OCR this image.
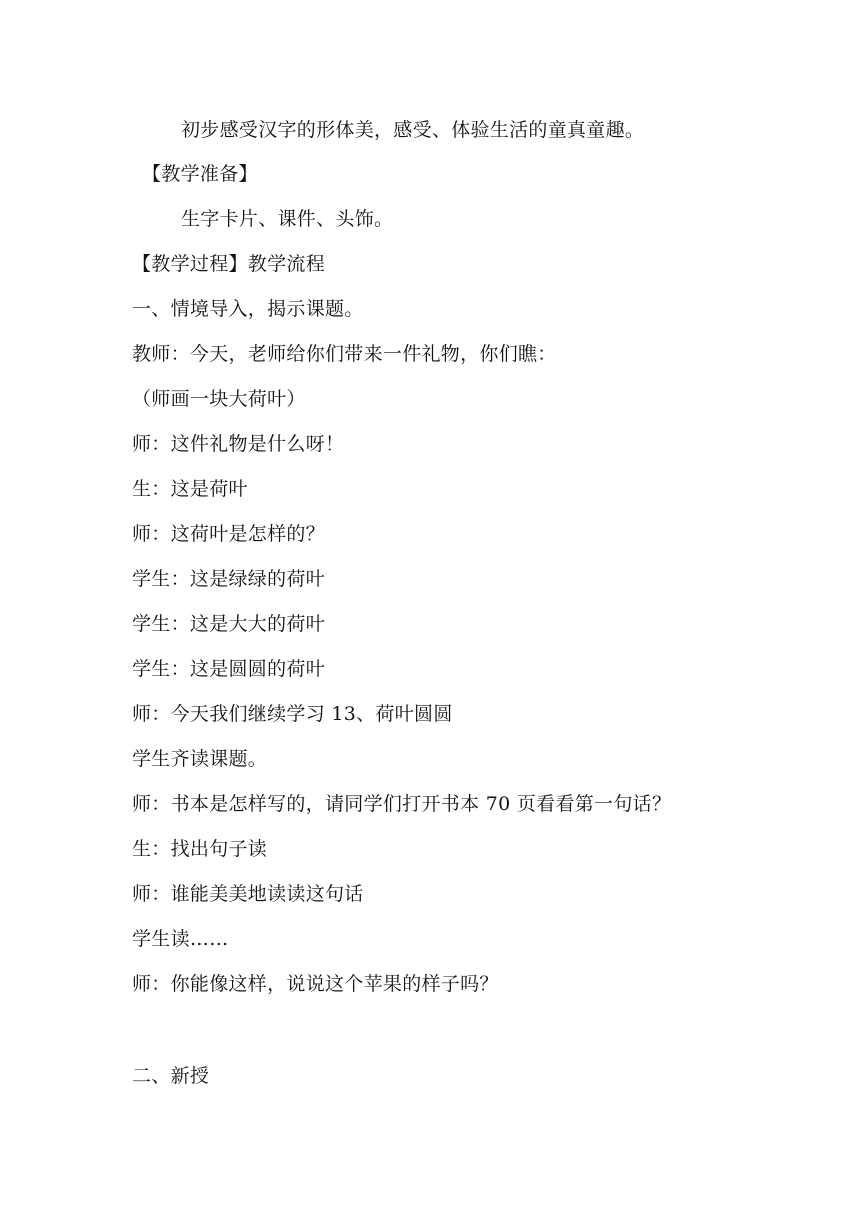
初步感受汉字的形体美，感受、体验生活的童真童趣。
【教学准备】
生字卡片、课件、头饰。
【教学过程】教学流程
一、情境导入，揭示课题。
教师：今天，老师给你们带来一件礼物，你们瞧：
（师画一块大荷叶）
师：这件礼物是什么呀！
生：这是荷叶
师：这荷叶是怎样的？
学生：这是绿绿的荷叶
学生：这是大大的荷叶
学生：这是圆圆的荷叶
师：今天我们继续学习 13、荷叶圆圆
学生齐读课题。
师：书本是怎样写的，请同学们打开书本 70 页看看第一句话？
生：找出句子读
师：谁能美美地读读这句话
学生读……
师：你能像这样，说说这个苹果的样子吗？
二、新授
